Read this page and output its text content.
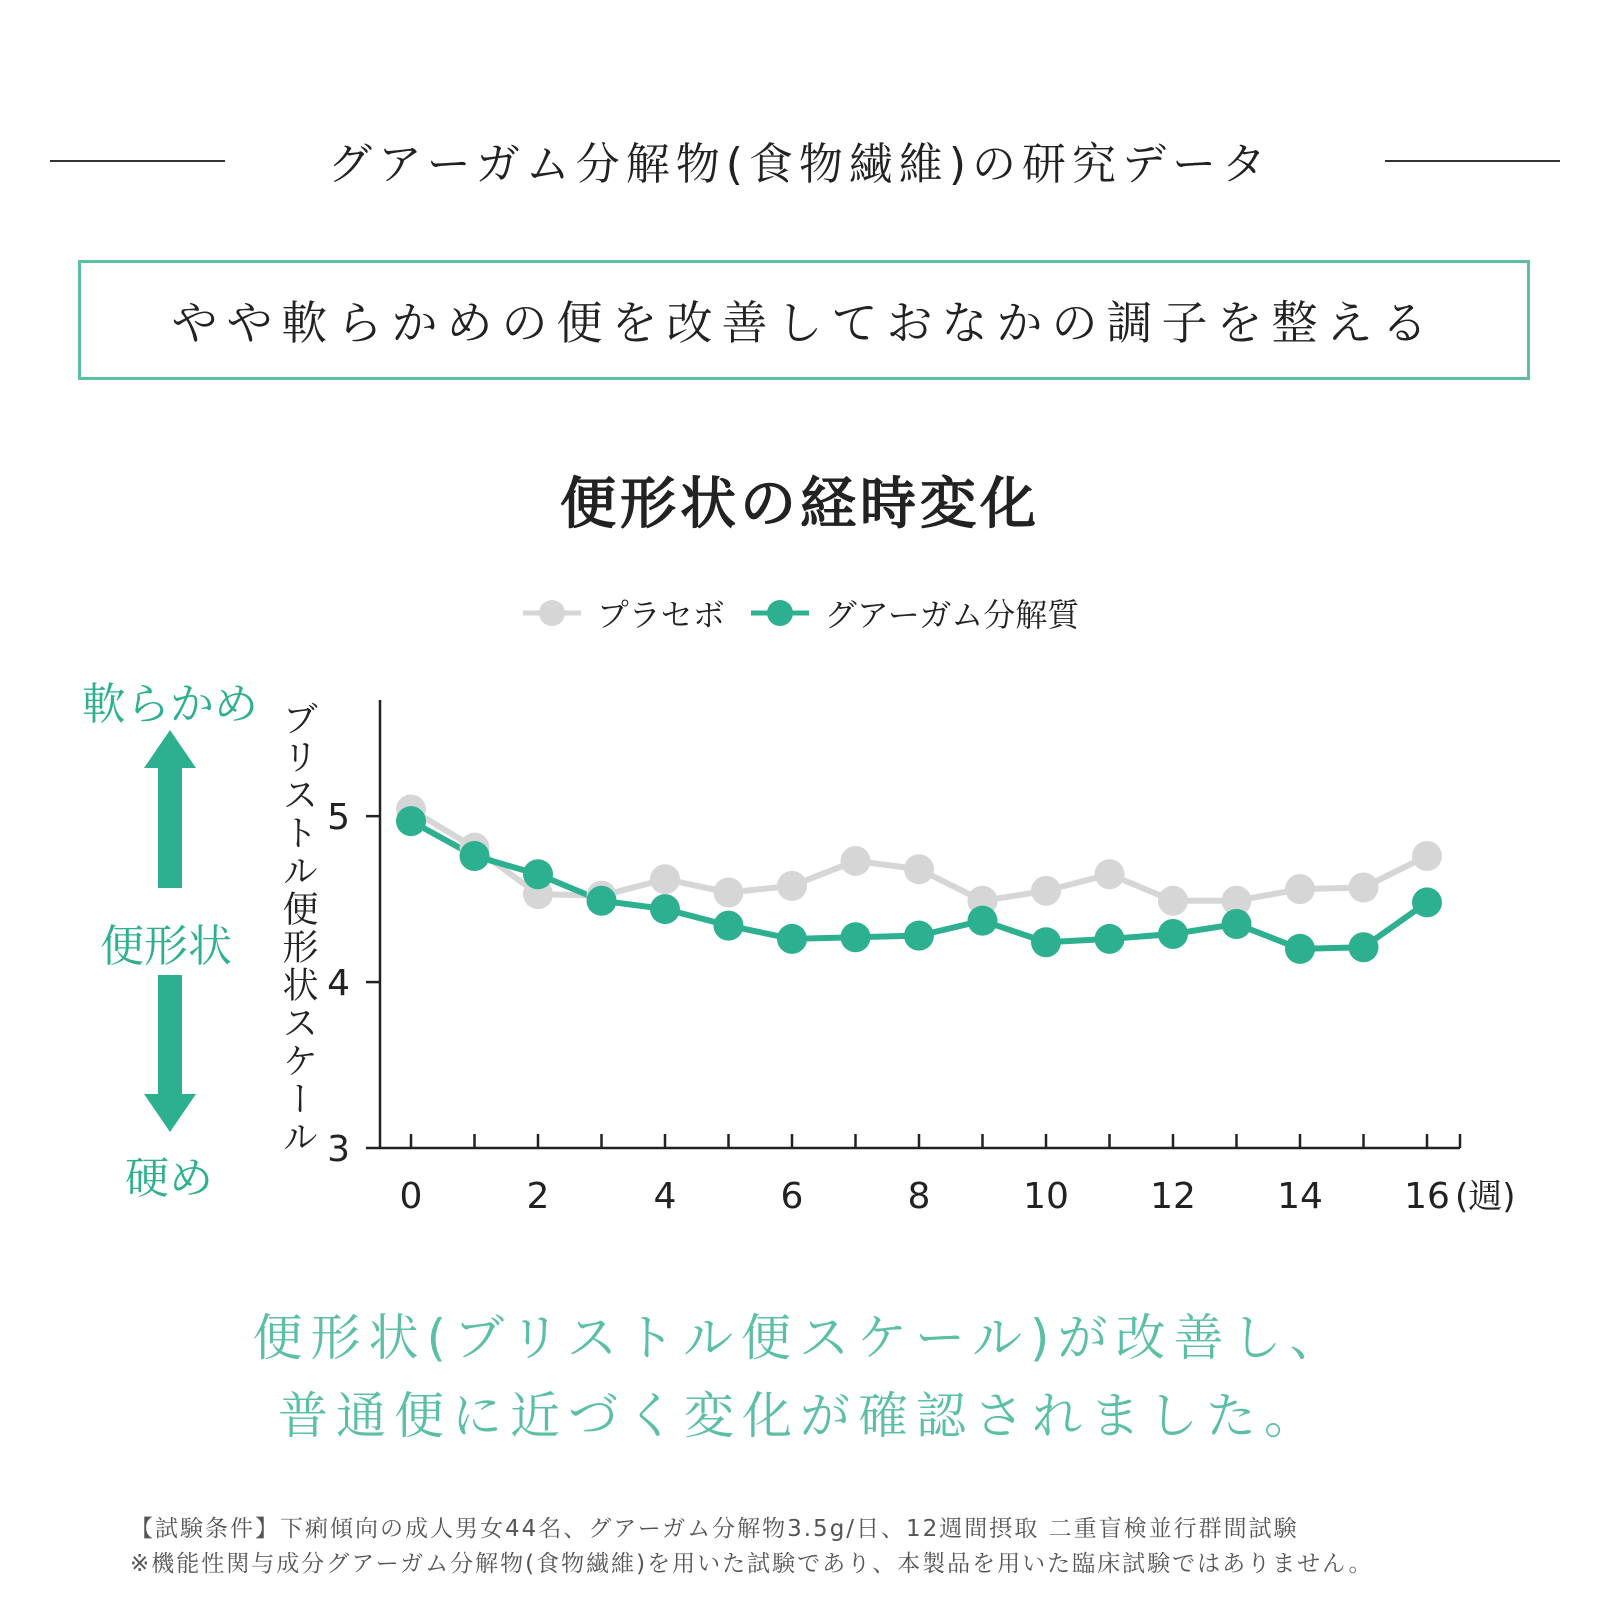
グアーガム分解物(食物繊維)の研究データ
やや軟らかめの便を改善しておなかの調子を整える
便形状の経時変化
プラセボ	グアーガム分解質
軟らかめ
便形状
硬め
ブリストル便形状スケール
0	2	4	6	8	10 12 14 16 (週)
3
4
5
便形状(ブリストル便スケール)が改善し、
普通便に近づく変化が確認されました。
【試験条件】下痢傾向の成人男女44名、グアーガム分解物3.5g/日、12週間摂取 二重盲検並行群間試験
※機能性関与成分グアーガム分解物(食物繊維)を用いた試験であり、本製品を用いた臨床試験ではありません。
